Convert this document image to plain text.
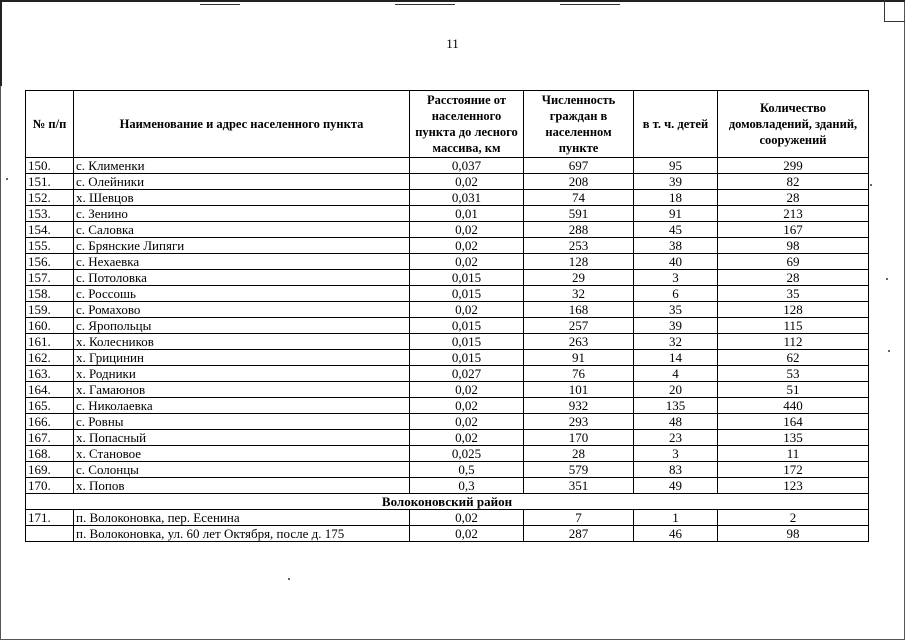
11
№ п/п	Наименование и адрес населенного пункта	Расстояние от населенного пункта до лесного массива, км	Численность граждан в населенном пункте	в т. ч. детей	Количество домовладений, зданий, сооружений
150.	с. Клименки	0,037	697	95	299
151.	с. Олейники	0,02	208	39	82
152.	х. Шевцов	0,031	74	18	28
153.	с. Зенино	0,01	591	91	213
154.	с. Саловка	0,02	288	45	167
155.	с. Брянские Липяги	0,02	253	38	98
156.	с. Нехаевка	0,02	128	40	69
157.	с. Потоловка	0,015	29	3	28
158.	с. Россошь	0,015	32	6	35
159.	с. Ромахово	0,02	168	35	128
160.	с. Яропольцы	0,015	257	39	115
161.	х. Колесников	0,015	263	32	112
162.	х. Грицинин	0,015	91	14	62
163.	х. Родники	0,027	76	4	53
164.	х. Гамаюнов	0,02	101	20	51
165.	с. Николаевка	0,02	932	135	440
166.	с. Ровны	0,02	293	48	164
167.	х. Попасный	0,02	170	23	135
168.	х. Становое	0,025	28	3	11
169.	с. Солонцы	0,5	579	83	172
170.	х. Попов	0,3	351	49	123
Волоконовский район					
171.	п. Волоконовка, пер. Есенина	0,02	7	1	2
	п. Волоконовка, ул. 60 лет Октября, после д. 175	0,02	287	46	98
